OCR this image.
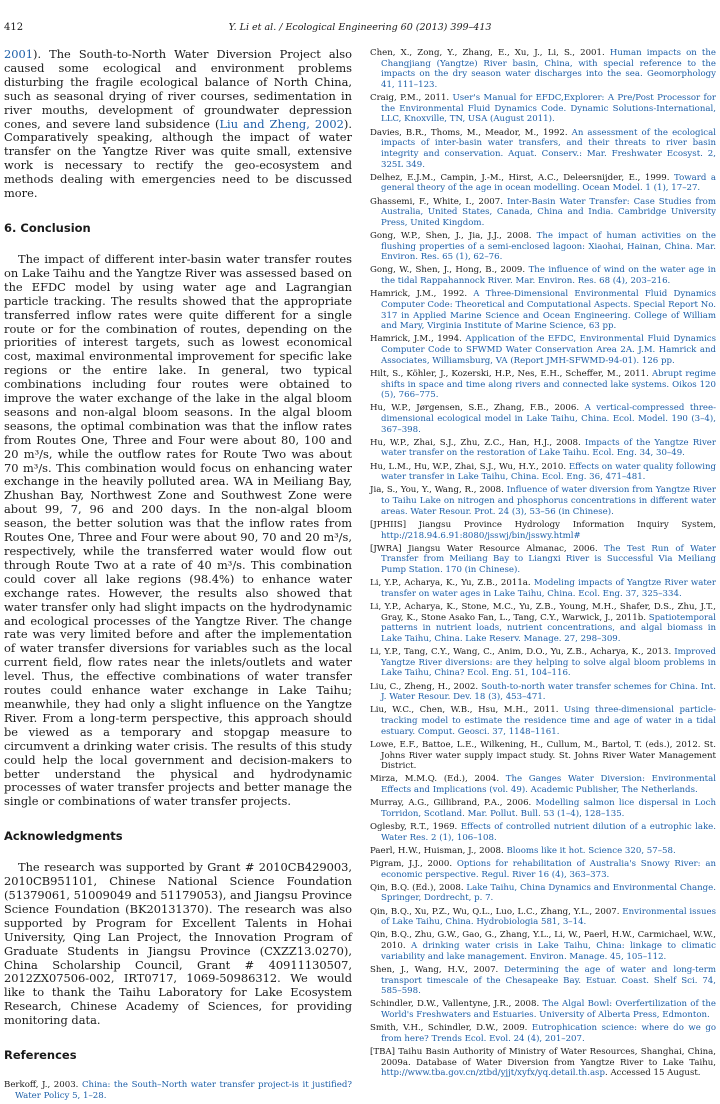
412	Y. Li et al. / Ecological Engineering 60 (2013) 399–413

2001). The South-to-North Water Diversion Project also caused some ecological and environment problems disturbing the fragile ecological balance of North China, such as seasonal drying of river courses, sedimentation in river mouths, development of groundwater depression cones, and severe land subsidence (Liu and Zheng, 2002). Comparatively speaking, although the impact of water transfer on the Yangtze River was quite small, extensive work is necessary to rectify the geo-ecosystem and methods dealing with emergencies need to be discussed more.

6. Conclusion

The impact of different inter-basin water transfer routes on Lake Taihu and the Yangtze River was assessed based on the EFDC model by using water age and Lagrangian particle tracking. The results showed that the appropriate transferred inflow rates were quite different for a single route or for the combination of routes, depending on the priorities of interest targets, such as lowest economical cost, maximal environmental improvement for specific lake regions or the entire lake. In general, two typical combinations including four routes were obtained to improve the water exchange of the lake in the algal bloom seasons and non-algal bloom seasons. In the algal bloom seasons, the optimal combination was that the inflow rates from Routes One, Three and Four were about 80, 100 and 20 m³/s, while the outflow rates for Route Two was about 70 m³/s. This combination would focus on enhancing water exchange in the heavily polluted area. WA in Meiliang Bay, Zhushan Bay, Northwest Zone and Southwest Zone were about 99, 7, 96 and 200 days. In the non-algal bloom season, the better solution was that the inflow rates from Routes One, Three and Four were about 90, 70 and 20 m³/s, respectively, while the transferred water would flow out through Route Two at a rate of 40 m³/s. This combination could cover all lake regions (98.4%) to enhance water exchange rates. However, the results also showed that water transfer only had slight impacts on the hydrodynamic and ecological processes of the Yangtze River. The change rate was very limited before and after the implementation of water transfer diversions for variables such as the local current field, flow rates near the inlets/outlets and water level. Thus, the effective combinations of water transfer routes could enhance water exchange in Lake Taihu; meanwhile, they had only a slight influence on the Yangtze River. From a long-term perspective, this approach should be viewed as a temporary and stopgap measure to circumvent a drinking water crisis. The results of this study could help the local government and decision-makers to better understand the physical and hydrodynamic processes of water transfer projects and better manage the single or combinations of water transfer projects.

Acknowledgments

The research was supported by Grant # 2010CB429003, 2010CB951101, Chinese National Science Foundation (51379061, 51009049 and 51179053), and Jiangsu Province Science Foundation (BK20131370). The research was also supported by Program for Excellent Talents in Hohai University, Qing Lan Project, the Innovation Program of Graduate Students in Jiangsu Province (CXZZ13.0270), China Scholarship Council, Grant # 40911130507, 2012ZX07506-002, IRT0717, 1069-50986312. We would like to thank the Taihu Laboratory for Lake Ecosystem Research, Chinese Academy of Sciences, for providing monitoring data.

References
Berkoff, J., 2003. China: the South–North water transfer project-is it justified? Water Policy 5, 1–28.
Chen, X., Zong, Y., Zhang, E., Xu, J., Li, S., 2001. Human impacts on the Changjiang (Yangtze) River basin, China, with special reference to the impacts on the dry season water discharges into the sea. Geomorphology 41, 111–123.
Craig, P.M., 2011. User's Manual for EFDC,Explorer: A Pre/Post Processor for the Environmental Fluid Dynamics Code. Dynamic Solutions-International, LLC, Knoxville, TN, USA (August 2011).
Davies, B.R., Thoms, M., Meador, M., 1992. An assessment of the ecological impacts of inter-basin water transfers, and their threats to river basin integrity and conservation. Aquat. Conserv.: Mar. Freshwater Ecosyst. 2, 325L 349.
Delhez, E.J.M., Campin, J.-M., Hirst, A.C., Deleersnijder, E., 1999. Toward a general theory of the age in ocean modelling. Ocean Model. 1 (1), 17–27.
Ghassemi, F., White, I., 2007. Inter-Basin Water Transfer: Case Studies from Australia, United States, Canada, China and India. Cambridge University Press, United Kingdom.
Gong, W.P., Shen, J., Jia, J.J., 2008. The impact of human activities on the flushing properties of a semi-enclosed lagoon: Xiaohai, Hainan, China. Mar. Environ. Res. 65 (1), 62–76.
Gong, W., Shen, J., Hong, B., 2009. The influence of wind on the water age in the tidal Rappahannock River. Mar. Environ. Res. 68 (4), 203–216.
Hamrick, J.M., 1992. A Three-Dimensional Environmental Fluid Dynamics Computer Code: Theoretical and Computational Aspects. Special Report No. 317 in Applied Marine Science and Ocean Engineering. College of William and Mary, Virginia Institute of Marine Science, 63 pp.
Hamrick, J.M., 1994. Application of the EFDC, Environmental Fluid Dynamics Computer Code to SFWMD Water Conservation Area 2A. J.M. Hamrick and Associates, Williamsburg, VA (Report JMH-SFWMD-94-01). 126 pp.
Hilt, S., Köhler, J., Kozerski, H.P., Nes, E.H., Scheffer, M., 2011. Abrupt regime shifts in space and time along rivers and connected lake systems. Oikos 120 (5), 766–775.
Hu, W.P., Jørgensen, S.E., Zhang, F.B., 2006. A vertical-compressed three-dimensional ecological model in Lake Taihu, China. Ecol. Model. 190 (3–4), 367–398.
Hu, W.P., Zhai, S.J., Zhu, Z.C., Han, H.J., 2008. Impacts of the Yangtze River water transfer on the restoration of Lake Taihu. Ecol. Eng. 34, 30–49.
Hu, L.M., Hu, W.P., Zhai, S.J., Wu, H.Y., 2010. Effects on water quality following water transfer in Lake Taihu, China. Ecol. Eng. 36, 471–481.
Jia, S., You, Y., Wang, R., 2008. Influence of water diversion from Yangtze River to Taihu Lake on nitrogen and phosphorus concentrations in different water areas. Water Resour. Prot. 24 (3), 53–56 (in Chinese).
[JPHIIS] Jiangsu Province Hydrology Information Inquiry System, http://218.94.6.91:8080/jsswj/bin/jsswy.html#
[JWRA] Jiangsu Water Resource Almanac, 2006. The Test Run of Water Transfer from Meiliang Bay to Liangxi River is Successful Via Meiliang Pump Station. 170 (in Chinese).
Li, Y.P., Acharya, K., Yu, Z.B., 2011a. Modeling impacts of Yangtze River water transfer on water ages in Lake Taihu, China. Ecol. Eng. 37, 325–334.
Li, Y.P., Acharya, K., Stone, M.C., Yu, Z.B., Young, M.H., Shafer, D.S., Zhu, J.T., Gray, K., Stone Asako Fan, L., Tang, C.Y., Warwick, J., 2011b. Spatiotemporal patterns in nutrient loads, nutrient concentrations, and algal biomass in Lake Taihu, China. Lake Reserv. Manage. 27, 298–309.
Li, Y.P., Tang, C.Y., Wang, C., Anim, D.O., Yu, Z.B., Acharya, K., 2013. Improved Yangtze River diversions: are they helping to solve algal bloom problems in Lake Taihu, China? Ecol. Eng. 51, 104–116.
Liu, C., Zheng, H., 2002. South-to-north water transfer schemes for China. Int. J. Water Resour. Dev. 18 (3), 453–471.
Liu, W.C., Chen, W.B., Hsu, M.H., 2011. Using three-dimensional particle-tracking model to estimate the residence time and age of water in a tidal estuary. Comput. Geosci. 37, 1148–1161.
Lowe, E.F., Battoe, L.E., Wilkening, H., Cullum, M., Bartol, T. (eds.), 2012. St. Johns River water supply impact study. St. Johns River Water Management District.
Mirza, M.M.Q. (Ed.), 2004. The Ganges Water Diversion: Environmental Effects and Implications (vol. 49). Academic Publisher, The Netherlands.
Murray, A.G., Gillibrand, P.A., 2006. Modelling salmon lice dispersal in Loch Torridon, Scotland. Mar. Pollut. Bull. 53 (1–4), 128–135.
Oglesby, R.T., 1969. Effects of controlled nutrient dilution of a eutrophic lake. Water Res. 2 (1), 106–108.
Paerl, H.W., Huisman, J., 2008. Blooms like it hot. Science 320, 57–58.
Pigram, J.J., 2000. Options for rehabilitation of Australia's Snowy River: an economic perspective. Regul. River 16 (4), 363–373.
Qin, B.Q. (Ed.), 2008. Lake Taihu, China Dynamics and Environmental Change. Springer, Dordrecht, p. 7.
Qin, B.Q., Xu, P.Z., Wu, Q.L., Luo, L.C., Zhang, Y.L., 2007. Environmental issues of Lake Taihu, China. Hydrobiologia 581, 3–14.
Qin, B.Q., Zhu, G.W., Gao, G., Zhang, Y.L., Li, W., Paerl, H.W., Carmichael, W.W., 2010. A drinking water crisis in Lake Taihu, China: linkage to climatic variability and lake management. Environ. Manage. 45, 105–112.
Shen, J., Wang, H.V., 2007. Determining the age of water and long-term transport timescale of the Chesapeake Bay. Estuar. Coast. Shelf Sci. 74, 585–598.
Schindler, D.W., Vallentyne, J.R., 2008. The Algal Bowl: Overfertilization of the World's Freshwaters and Estuaries. University of Alberta Press, Edmonton.
Smith, V.H., Schindler, D.W., 2009. Eutrophication science: where do we go from here? Trends Ecol. Evol. 24 (4), 201–207.
[TBA] Taihu Basin Authority of Ministry of Water Resources, Shanghai, China, 2009a. Database of Water Diversion from Yangtze River to Lake Taihu, http://www.tba.gov.cn/ztbd/yjjt/xyfx/yq.detail.th.asp. Accessed 15 August.
